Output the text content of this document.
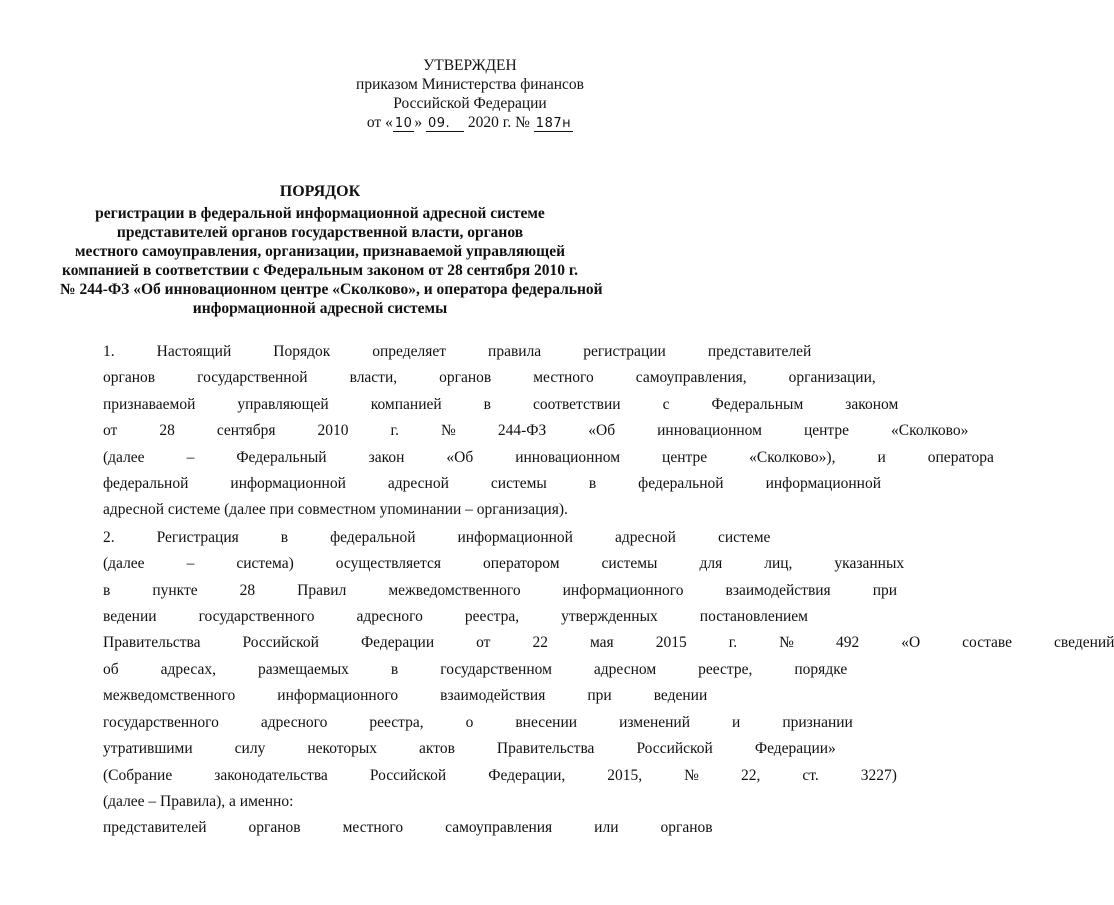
УТВЕРЖДЕН
приказом Министерства финансов
Российской Федерации
от « 10 » 09. 2020 г. № 187н
ПОРЯДОК
регистрации в федеральной информационной адресной системе
представителей органов государственной власти, органов
местного самоуправления, организации, признаваемой управляющей
компанией в соответствии с Федеральным законом от 28 сентября 2010 г.
№ 244-ФЗ «Об инновационном центре «Сколково», и оператора федеральной
информационной адресной системы
1.	Настоящий	Порядок	определяет	правила	регистрации	представителей
органов	государственной	власти,	органов	местного	самоуправления,	организации,
признаваемой	управляющей	компанией	в	соответствии	с	Федеральным	законом
от	28	сентября	2010	г.	№	244-ФЗ	«Об	инновационном	центре	«Сколково»
(далее	–	Федеральный	закон	«Об	инновационном	центре	«Сколково»),	и	оператора
федеральной	информационной	адресной	системы	в	федеральной	информационной
адресной системе (далее при совместном упоминании – организация).
2.	Регистрация	в	федеральной	информационной	адресной	системе
(далее	–	система)	осуществляется	оператором	системы	для	лиц,	указанных
в	пункте	28	Правил	межведомственного	информационного	взаимодействия	при
ведении	государственного	адресного	реестра,	утвержденных	постановлением
Правительства	Российской	Федерации	от	22	мая	2015	г.	№	492	«О	составе	сведений
об	адресах,	размещаемых	в	государственном	адресном	реестре,	порядке
межведомственного	информационного	взаимодействия	при	ведении
государственного	адресного	реестра,	о	внесении	изменений	и	признании
утратившими	силу	некоторых	актов	Правительства	Российской	Федерации»
(Собрание	законодательства	Российской	Федерации,	2015,	№	22,	ст.	3227)
(далее – Правила), а именно:
представителей	органов	местного	самоуправления	или	органов
